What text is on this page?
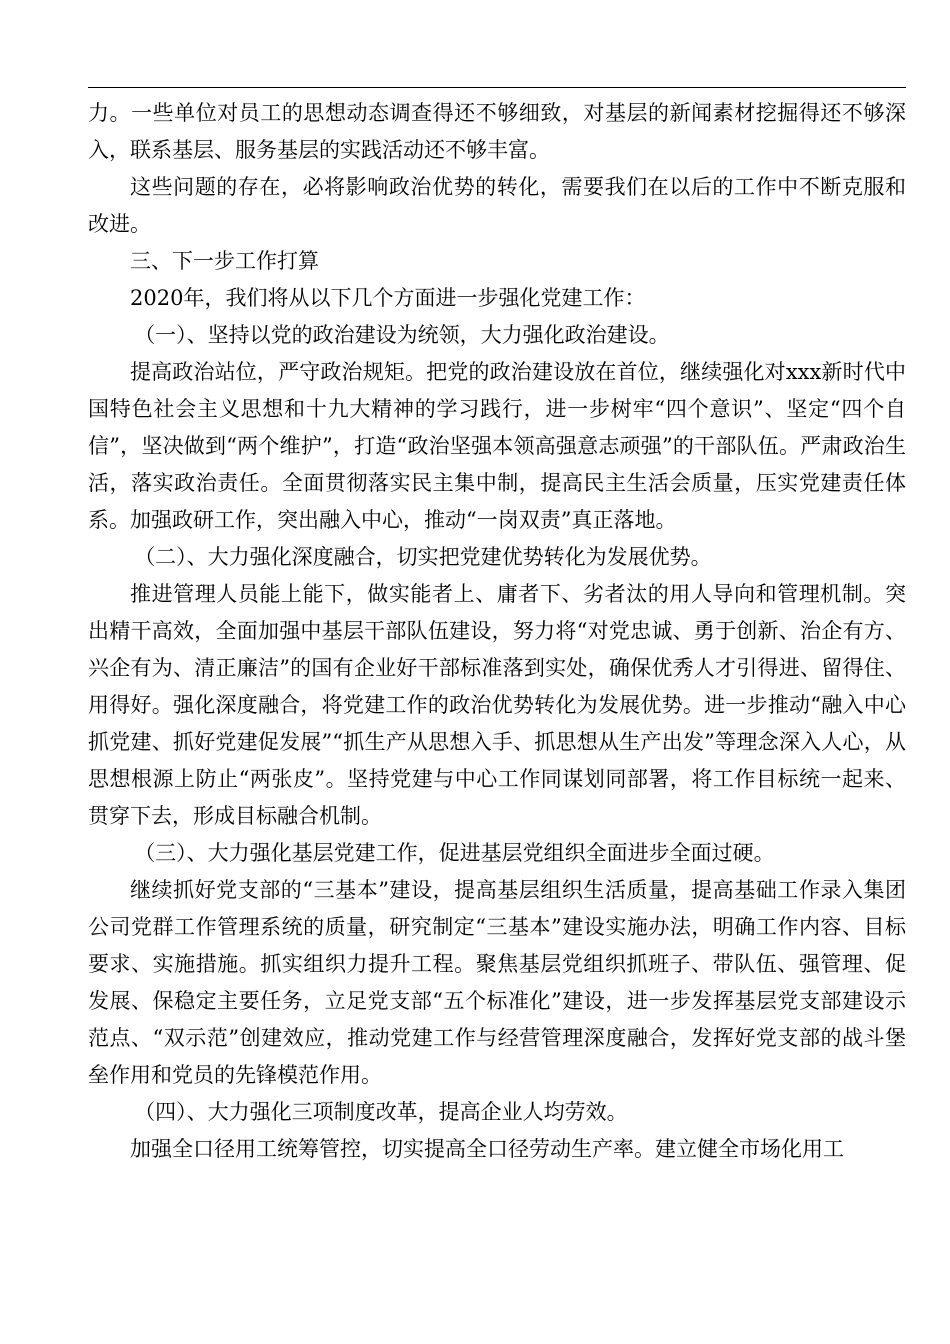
力。一些单位对员工的思想动态调查得还不够细致，对基层的新闻素材挖掘得还不够深入，联系基层、服务基层的实践活动还不够丰富。

这些问题的存在，必将影响政治优势的转化，需要我们在以后的工作中不断克服和改进。

三、下一步工作打算

2020年，我们将从以下几个方面进一步强化党建工作：

（一）、坚持以党的政治建设为统领，大力强化政治建设。

提高政治站位，严守政治规矩。把党的政治建设放在首位，继续强化对xxx新时代中国特色社会主义思想和十九大精神的学习践行，进一步树牢“四个意识”、坚定“四个自信”，坚决做到“两个维护”，打造“政治坚强本领高强意志顽强”的干部队伍。严肃政治生活，落实政治责任。全面贯彻落实民主集中制，提高民主生活会质量，压实党建责任体系。加强政研工作，突出融入中心，推动“一岗双责”真正落地。

（二）、大力强化深度融合，切实把党建优势转化为发展优势。

推进管理人员能上能下，做实能者上、庸者下、劣者汰的用人导向和管理机制。突出精干高效，全面加强中基层干部队伍建设，努力将“对党忠诚、勇于创新、治企有方、兴企有为、清正廉洁”的国有企业好干部标准落到实处，确保优秀人才引得进、留得住、用得好。强化深度融合，将党建工作的政治优势转化为发展优势。进一步推动“融入中心抓党建、抓好党建促发展”“抓生产从思想入手、抓思想从生产出发”等理念深入人心，从思想根源上防止“两张皮”。坚持党建与中心工作同谋划同部署，将工作目标统一起来、贯穿下去，形成目标融合机制。

（三）、大力强化基层党建工作，促进基层党组织全面进步全面过硬。

继续抓好党支部的“三基本”建设，提高基层组织生活质量，提高基础工作录入集团公司党群工作管理系统的质量，研究制定“三基本”建设实施办法，明确工作内容、目标要求、实施措施。抓实组织力提升工程。聚焦基层党组织抓班子、带队伍、强管理、促发展、保稳定主要任务，立足党支部“五个标准化”建设，进一步发挥基层党支部建设示范点、“双示范”创建效应，推动党建工作与经营管理深度融合，发挥好党支部的战斗堡垒作用和党员的先锋模范作用。

（四）、大力强化三项制度改革，提高企业人均劳效。

加强全口径用工统筹管控，切实提高全口径劳动生产率。建立健全市场化用工
